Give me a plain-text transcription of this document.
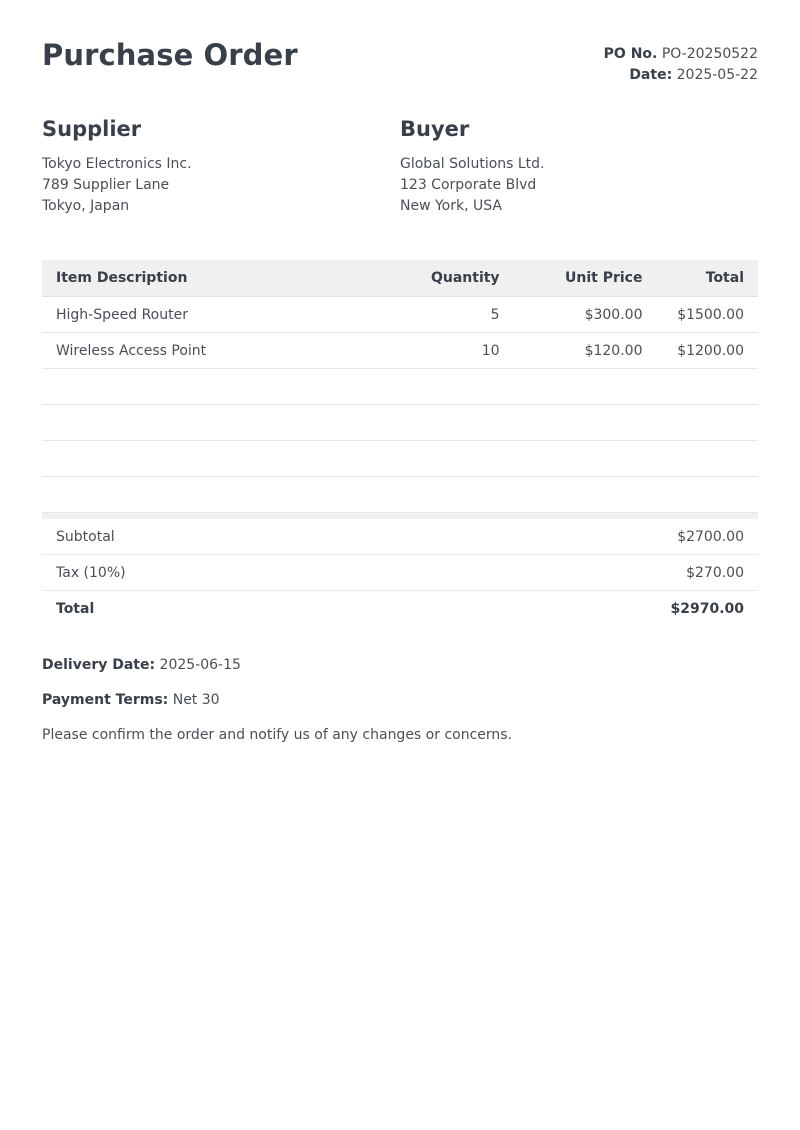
Purchase Order	PO No. PO-20250522
Date: 2025-05-22
Supplier
Tokyo Electronics Inc.
789 Supplier Lane
Tokyo, Japan
Buyer
Global Solutions Ltd.
123 Corporate Blvd
New York, USA
Item Description	Quantity	Unit Price	Total
High-Speed Router	5	$300.00	$1500.00
Wireless Access Point	10	$120.00	$1200.00

Subtotal			$2700.00
Tax (10%)			$270.00
Total			$2970.00

Delivery Date: 2025-06-15

Payment Terms: Net 30

Please confirm the order and notify us of any changes or concerns.
